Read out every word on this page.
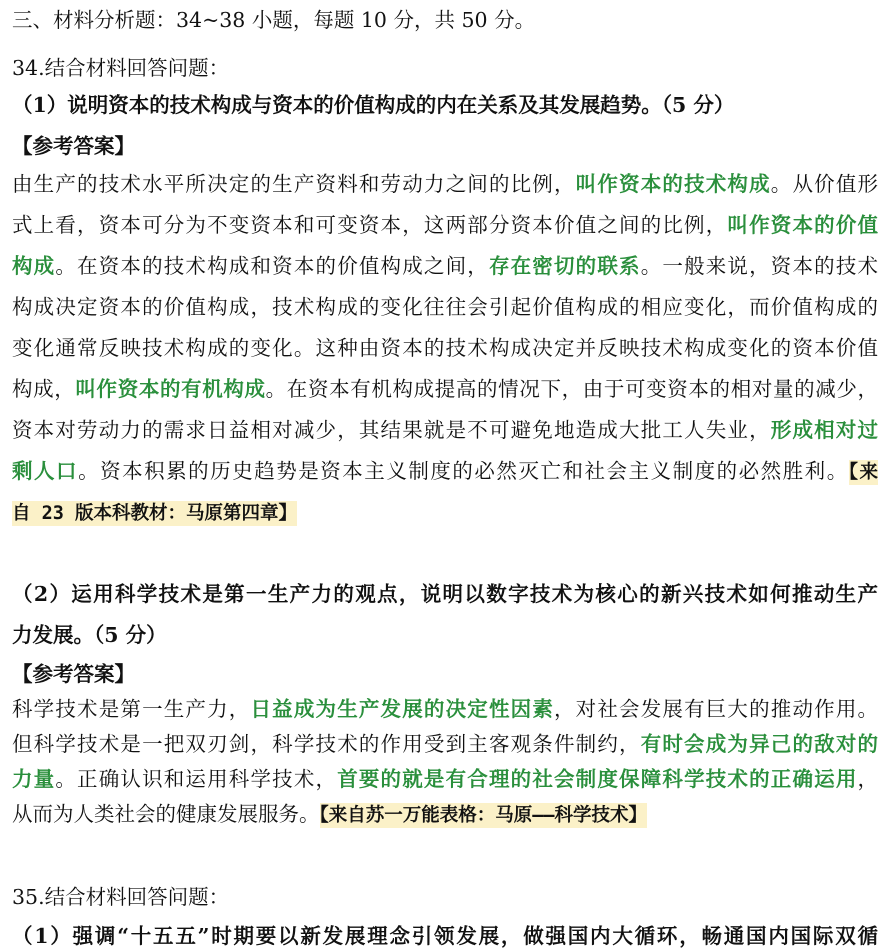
三、材料分析题：34~38 小题，每题 10 分，共 50 分。
34.结合材料回答问题：
（1）说明资本的技术构成与资本的价值构成的内在关系及其发展趋势。（5 分）
【参考答案】
由生产的技术水平所决定的生产资料和劳动力之间的比例，叫作资本的技术构成。从价值形
式上看，资本可分为不变资本和可变资本，这两部分资本价值之间的比例，叫作资本的价值
构成。在资本的技术构成和资本的价值构成之间，存在密切的联系。一般来说，资本的技术
构成决定资本的价值构成，技术构成的变化往往会引起价值构成的相应变化，而价值构成的
变化通常反映技术构成的变化。这种由资本的技术构成决定并反映技术构成变化的资本价值
构成，叫作资本的有机构成。在资本有机构成提高的情况下，由于可变资本的相对量的减少，
资本对劳动力的需求日益相对减少，其结果就是不可避免地造成大批工人失业，形成相对过
剩人口。资本积累的历史趋势是资本主义制度的必然灭亡和社会主义制度的必然胜利。【来
自 23 版本科教材：马原第四章】
（2）运用科学技术是第一生产力的观点，说明以数字技术为核心的新兴技术如何推动生产
力发展。（5 分）
【参考答案】
科学技术是第一生产力，日益成为生产发展的决定性因素，对社会发展有巨大的推动作用。
但科学技术是一把双刃剑，科学技术的作用受到主客观条件制约，有时会成为异己的敌对的
力量。正确认识和运用科学技术，首要的就是有合理的社会制度保障科学技术的正确运用，
从而为人类社会的健康发展服务。【来自苏一万能表格：马原——科学技术】
35.结合材料回答问题：
（1）强调“十五五”时期要以新发展理念引领发展，做强国内大循环，畅通国内国际双循
